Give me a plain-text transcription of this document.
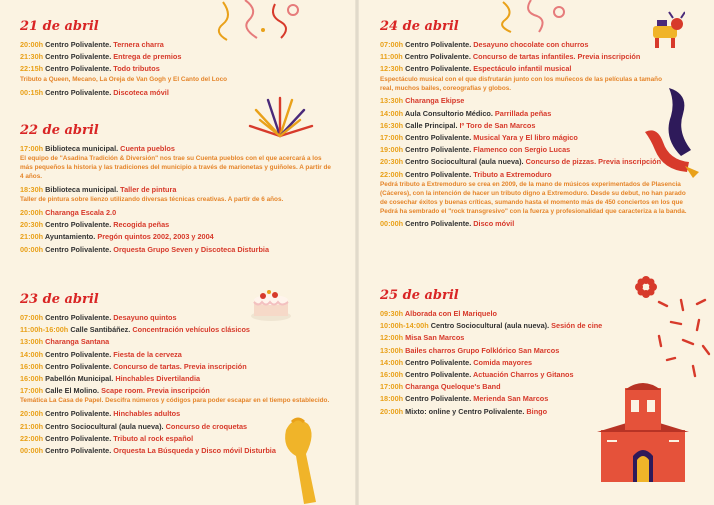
21 de abril
20:00h Centro Polivalente. Ternera charra
21:30h Centro Polivalente. Entrega de premios
22:15h Centro Polivalente. Todo tributos
Tributo a Queen, Mecano, La Oreja de Van Gogh y El Canto del Loco
00:15h Centro Polivalente. Discoteca móvil
22 de abril
17:00h Biblioteca municipal. Cuenta pueblos
El equipo de "Asadina Tradición & Diversión" nos trae su Cuenta pueblos con el que acercará a los más pequeños la historia y las tradiciones del municipio a través de marionetas y guiñoles. A partir de 4 años.
18:30h Biblioteca municipal. Taller de pintura
Taller de pintura sobre lienzo utilizando diversas técnicas creativas. A partir de 6 años.
20:00h Charanga Escala 2.0
20:30h Centro Polivalente. Recogida peñas
21:00h Ayuntamiento. Pregón quintos 2002, 2003 y 2004
00:00h Centro Polivalente. Orquesta Grupo Seven y Discoteca Disturbia
23 de abril
07:00h Centro Polivalente. Desayuno quintos
11:00h-16:00h Calle Santibáñez. Concentración vehículos clásicos
13:00h Charanga Santana
14:00h Centro Polivalente. Fiesta de la cerveza
16:00h Centro Polivalente. Concurso de tartas. Previa inscripción
16:00h Pabellón Municipal. Hinchables Divertilandia
17:00h Calle El Molino. Scape room. Previa inscripción
Temática La Casa de Papel. Descifra números y códigos para poder escapar en el tiempo establecido.
20:00h Centro Polivalente. Hinchables adultos
21:00h Centro Sociocultural (aula nueva). Concurso de croquetas
22:00h Centro Polivalente. Tributo al rock español
00:00h Centro Polivalente. Orquesta La Búsqueda y Disco móvil Disturbia
24 de abril
07:00h Centro Polivalente. Desayuno chocolate con churros
11:00h Centro Polivalente. Concurso de tartas infantiles. Previa inscripción
12:30h Centro Polivalente. Espectáculo infantil musical
Espectáculo musical con el que disfrutarán junto con los muñecos de las películas a tamaño real, muchos bailes, coreografías y globos.
13:30h Charanga Ekipse
14:00h Aula Consultorio Médico. Parrillada peñas
16:30h Calle Principal. Iº Toro de San Marcos
17:00h Centro Polivalente. Musical Yara y El libro mágico
19:00h Centro Polivalente. Flamenco con Sergio Lucas
20:30h Centro Sociocultural (aula nueva). Concurso de pizzas. Previa inscripción
22:00h Centro Polivalente. Tributo a Extremoduro
Pedrá tributo a Extremoduro se crea en 2009, de la mano de músicos experimentados de Plasencia (Cáceres), con la intención de hacer un tributo digno a Extremoduro. Desde su debut, no han parado de cosechar éxitos y buenas críticas, sumando hasta el momento más de 450 conciertos en los que Pedrá ha sembrado el "rock transgresivo" con la fuerza y profesionalidad que caracteriza a la banda.
00:00h Centro Polivalente. Disco móvil
25 de abril
09:30h Alborada con El Mariquelo
10:00h-14:00h Centro Sociocultural (aula nueva). Sesión de cine
12:00h Misa San Marcos
13:00h Bailes charros Grupo Folklórico San Marcos
14:00h Centro Polivalente. Comida mayores
16:00h Centro Polivalente. Actuación Charros y Gitanos
17:00h Charanga Queloque's Band
18:00h Centro Polivalente. Merienda San Marcos
20:00h Mixto: online y Centro Polivalente. Bingo
